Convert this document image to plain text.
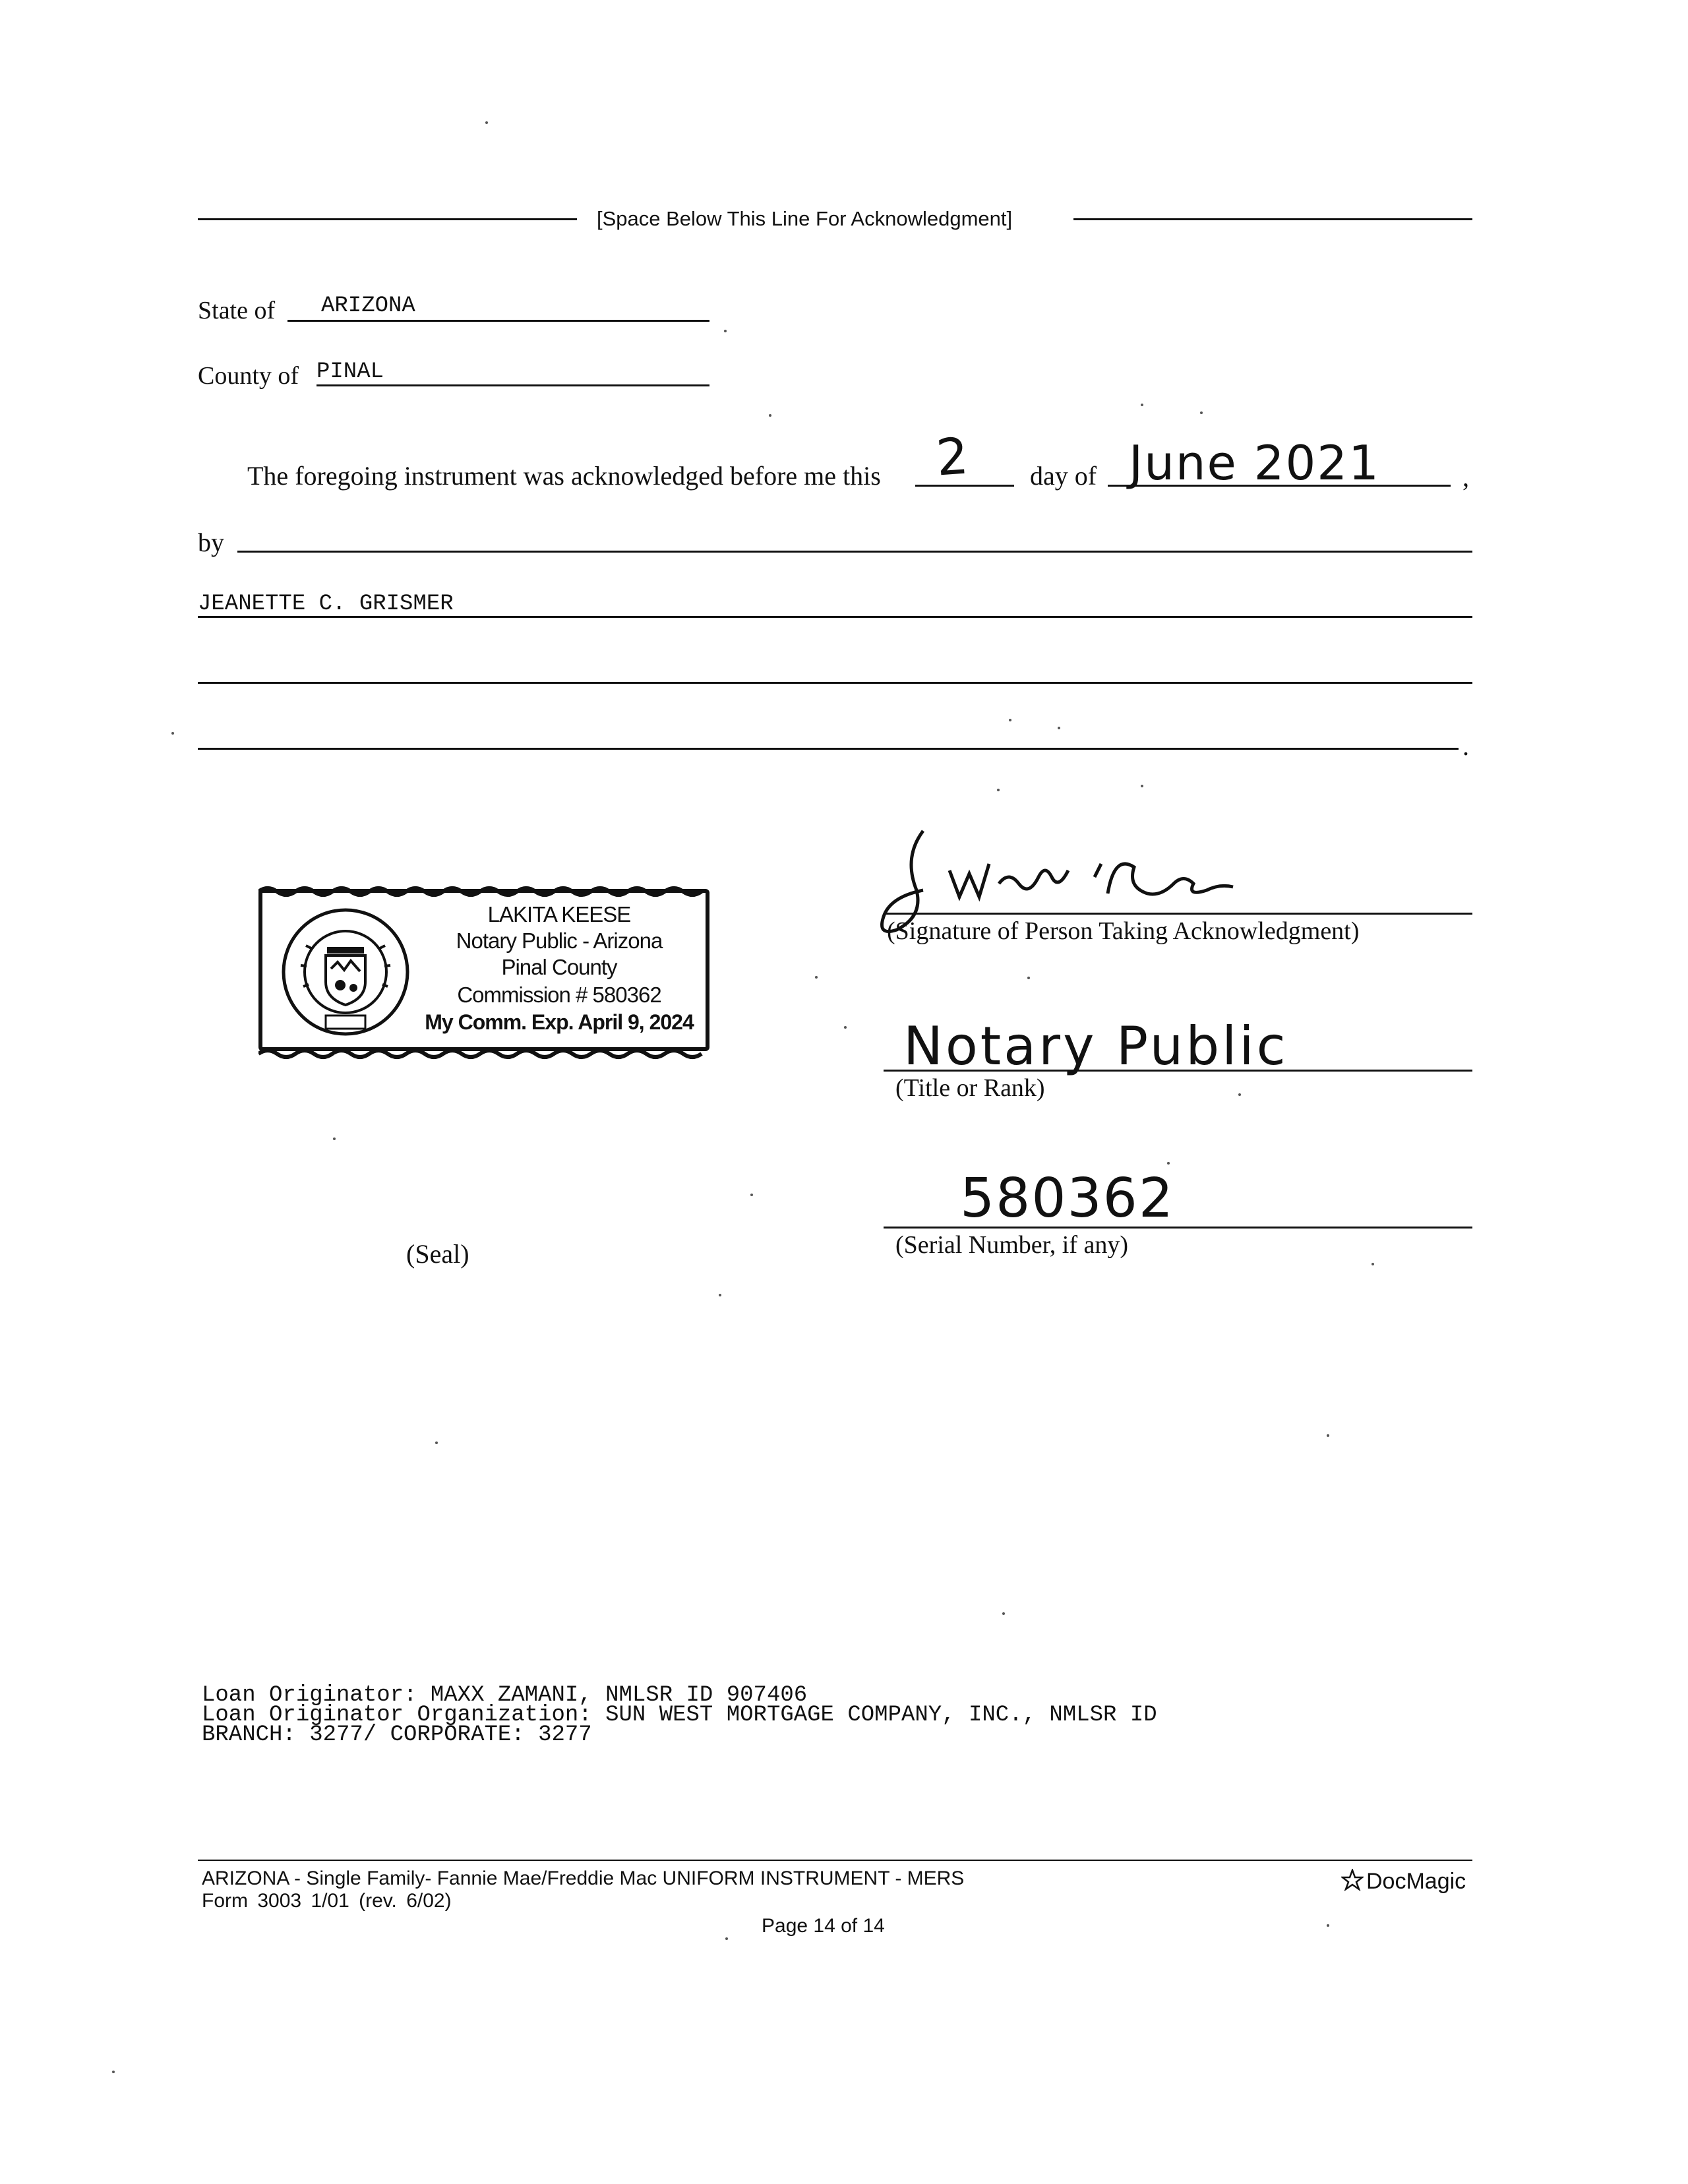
[Space Below This Line For Acknowledgment]
State of ARIZONA
County of PINAL
The foregoing instrument was acknowledged before me this 2 day of June 2021	,
by
JEANETTE C. GRISMER
.
LAKITA KEESE
Notary Public - Arizona
Pinal County
Commission # 580362
My Comm. Exp. April 9, 2024
(Signature of Person Taking Acknowledgment)
Notary Public
(Title or Rank)
580362
(Serial Number, if any)
(Seal)
Loan Originator: MAXX ZAMANI, NMLSR ID 907406
Loan Originator Organization: SUN WEST MORTGAGE COMPANY, INC., NMLSR ID
BRANCH: 3277/ CORPORATE: 3277
ARIZONA - Single Family- Fannie Mae/Freddie Mac UNIFORM INSTRUMENT - MERS
Form 3003 1/01 (rev. 6/02)
Page 14 of 14
DocMagic
